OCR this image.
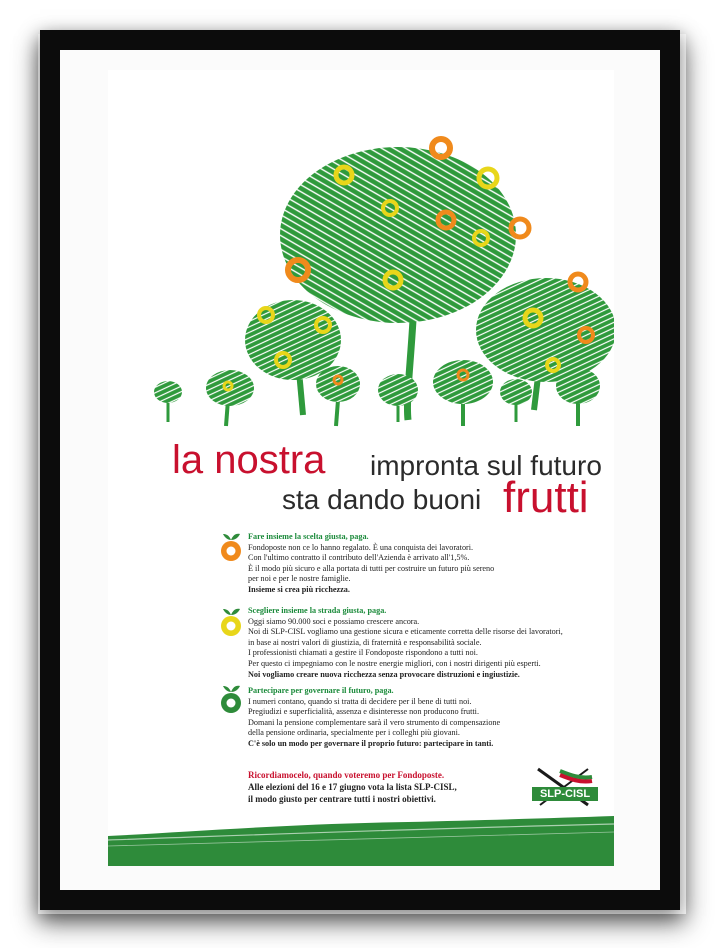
la nostra impronta sul futuro
sta dando buoni frutti
Fare insieme la scelta giusta, paga.
Fondoposte non ce lo hanno regalato. È una conquista dei lavoratori.
Con l'ultimo contratto il contributo dell'Azienda è arrivato all'1,5%.
È il modo più sicuro e alla portata di tutti per costruire un futuro più sereno
per noi e per le nostre famiglie.
Insieme si crea più ricchezza.
Scegliere insieme la strada giusta, paga.
Oggi siamo 90.000 soci e possiamo crescere ancora.
Noi di SLP-CISL vogliamo una gestione sicura e eticamente corretta delle risorse dei lavoratori,
in base ai nostri valori di giustizia, di fraternità e responsabilità sociale.
I professionisti chiamati a gestire il Fondoposte rispondono a tutti noi.
Per questo ci impegniamo con le nostre energie migliori, con i nostri dirigenti più esperti.
Noi vogliamo creare nuova ricchezza senza provocare distruzioni e ingiustizie.
Partecipare per governare il futuro, paga.
I numeri contano, quando si tratta di decidere per il bene di tutti noi.
Pregiudizi e superficialità, assenza e disinteresse non producono frutti.
Domani la pensione complementare sarà il vero strumento di compensazione
della pensione ordinaria, specialmente per i colleghi più giovani.
C'è solo un modo per governare il proprio futuro: partecipare in tanti.
Ricordiamocelo, quando voteremo per Fondoposte.
Alle elezioni del 16 e 17 giugno vota la lista SLP-CISL,
il modo giusto per centrare tutti i nostri obiettivi.	SLP-CISL
